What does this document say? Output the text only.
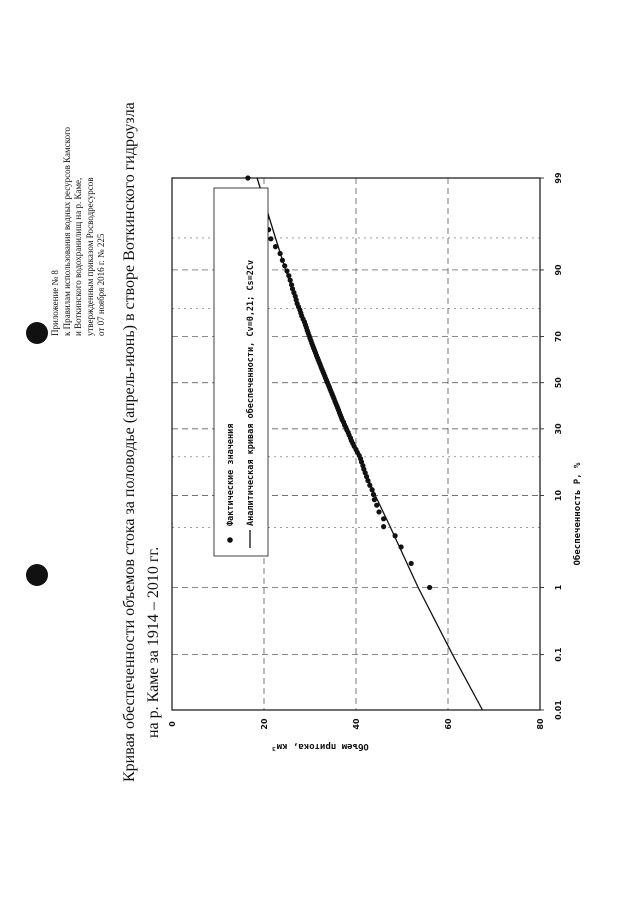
Приложение № 8 к Правилам использования водных ресурсов Камского и Воткинского водохранилищ на р. Каме, утвержденным приказом Росводресурсов от 07 ноября 2016 г. № 225 Кривая обеспеченности объемов стока за половодье (апрель-июнь) в створе Воткинского гидроузла на р. Каме за 1914 – 2010 гг.	0.01
0.1
1
10
30
50
70
90
99
0	20	40	60	80
Обеспеченность P, %
Объем притока, км³
Фактические значения Аналитическая кривая обеспеченности, Cv=0,21; Cs=2Cv
